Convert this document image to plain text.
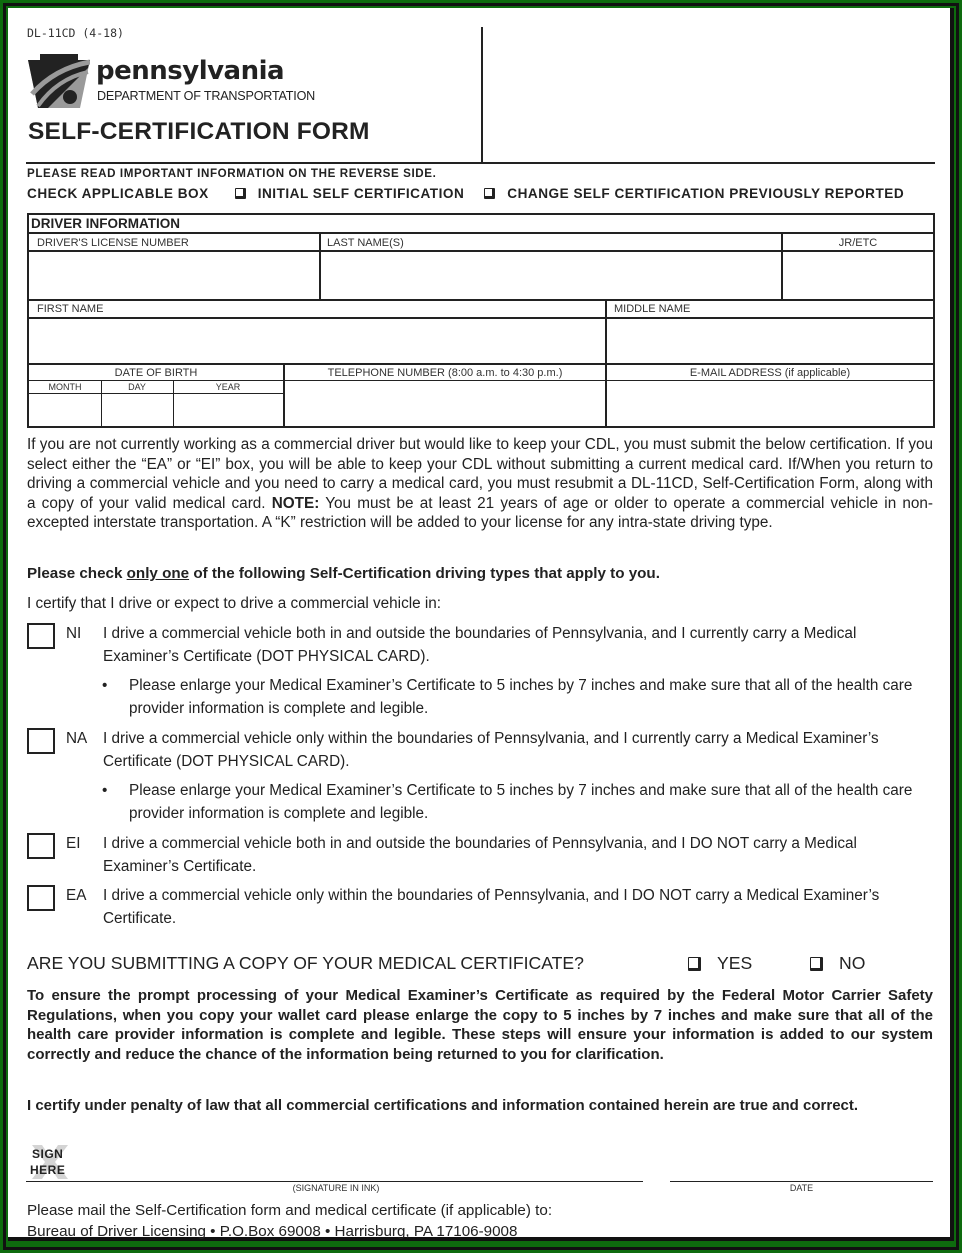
DL-11CD (4-18)
pennsylvania
DEPARTMENT OF TRANSPORTATION
SELF-CERTIFICATION FORM
PLEASE READ IMPORTANT INFORMATION ON THE REVERSE SIDE.
CHECK APPLICABLE BOX	INITIAL SELF CERTIFICATION	CHANGE SELF CERTIFICATION PREVIOUSLY REPORTED
DRIVER INFORMATION
DRIVER'S LICENSE NUMBER	LAST NAME(S)	JR/ETC
FIRST NAME	MIDDLE NAME
DATE OF BIRTH	TELEPHONE NUMBER (8:00 a.m. to 4:30 p.m.)	E-MAIL ADDRESS (if applicable)
MONTH	DAY	YEAR
If you are not currently working as a commercial driver but would like to keep your CDL, you must submit the below certification. If you select either the “EA” or “EI” box, you will be able to keep your CDL without submitting a current medical card. If/When you return to driving a commercial vehicle and you need to carry a medical card, you must resubmit a DL-11CD, Self-Certification Form, along with a copy of your valid medical card. NOTE: You must be at least 21 years of age or older to operate a commercial vehicle in non-excepted interstate transportation. A “K” restriction will be added to your license for any intra-state driving type.
Please check only one of the following Self-Certification driving types that apply to you.
I certify that I drive or expect to drive a commercial vehicle in:
NI I drive a commercial vehicle both in and outside the boundaries of Pennsylvania, and I currently carry a Medical Examiner’s Certificate (DOT PHYSICAL CARD).
• Please enlarge your Medical Examiner’s Certificate to 5 inches by 7 inches and make sure that all of the health care provider information is complete and legible.
NA I drive a commercial vehicle only within the boundaries of Pennsylvania, and I currently carry a Medical Examiner’s Certificate (DOT PHYSICAL CARD).
• Please enlarge your Medical Examiner’s Certificate to 5 inches by 7 inches and make sure that all of the health care provider information is complete and legible.
EI I drive a commercial vehicle both in and outside the boundaries of Pennsylvania, and I DO NOT carry a Medical Examiner’s Certificate.
EA I drive a commercial vehicle only within the boundaries of Pennsylvania, and I DO NOT carry a Medical Examiner’s Certificate.
ARE YOU SUBMITTING A COPY OF YOUR MEDICAL CERTIFICATE?	YES	NO
To ensure the prompt processing of your Medical Examiner’s Certificate as required by the Federal Motor Carrier Safety Regulations, when you copy your wallet card please enlarge the copy to 5 inches by 7 inches and make sure that all of the health care provider information is complete and legible. These steps will ensure your information is added to our system correctly and reduce the chance of the information being returned to you for clarification.
I certify under penalty of law that all commercial certifications and information contained herein are true and correct.
SIGN
HERE
(SIGNATURE IN INK)	DATE
Please mail the Self-Certification form and medical certificate (if applicable) to:
Bureau of Driver Licensing • P.O.Box 69008 • Harrisburg, PA 17106-9008
